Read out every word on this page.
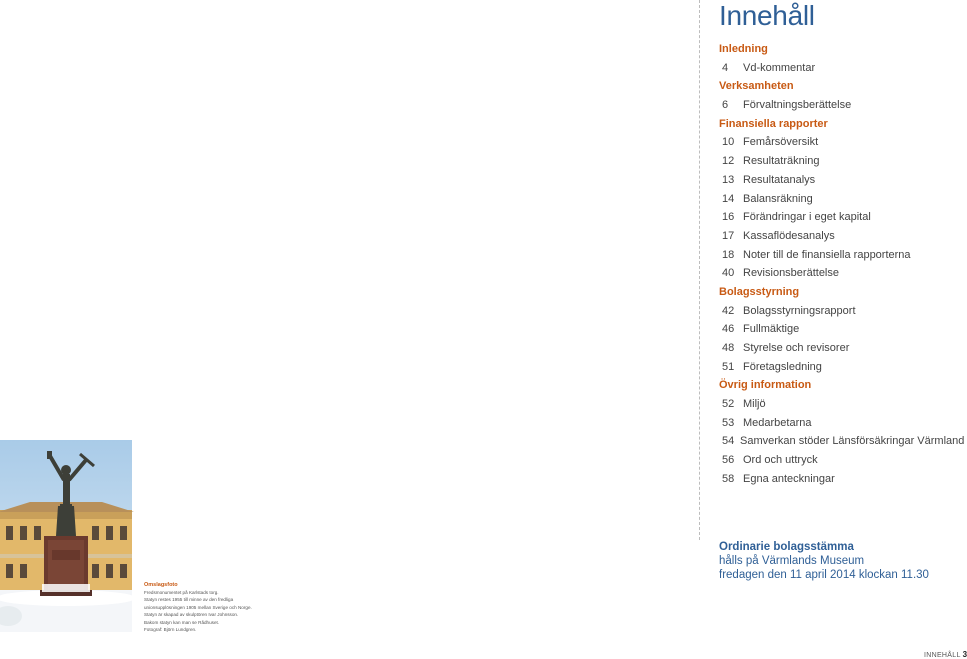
Innehåll
Inledning
4	Vd-kommentar
Verksamheten
6	Förvaltningsberättelse
Finansiella rapporter
10 Femårsöversikt
12 Resultaträkning
13 Resultatanalys
14 Balansräkning
16 Förändringar i eget kapital
17 Kassaflödesanalys
18 Noter till de finansiella rapporterna
40 Revisionsberättelse
Bolagsstyrning
42 Bolagsstyrningsrapport
46 Fullmäktige
48 Styrelse och revisorer
51 Företagsledning
Övrig information
52 Miljö
53 Medarbetarna
54 Samverkan stöder Länsförsäkringar Värmland
56 Ord och uttryck
58 Egna anteckningar
Ordinarie bolagsstämma
hålls på Värmlands Museum
fredagen den 11 april 2014 klockan 11.30
Omslagsfoto
Fredsmonumentet på Karlstads torg.
Statyn restes 1955 till minne av den fredliga
unionsupplösningen 1905 mellan Sverige och Norge.
Statyn är skapad av skulptören Ivar Johnsson.
Bakom statyn kan man se Rådhuset.
Fotograf: Björn Lundgren.
INNEHÅLL 3
